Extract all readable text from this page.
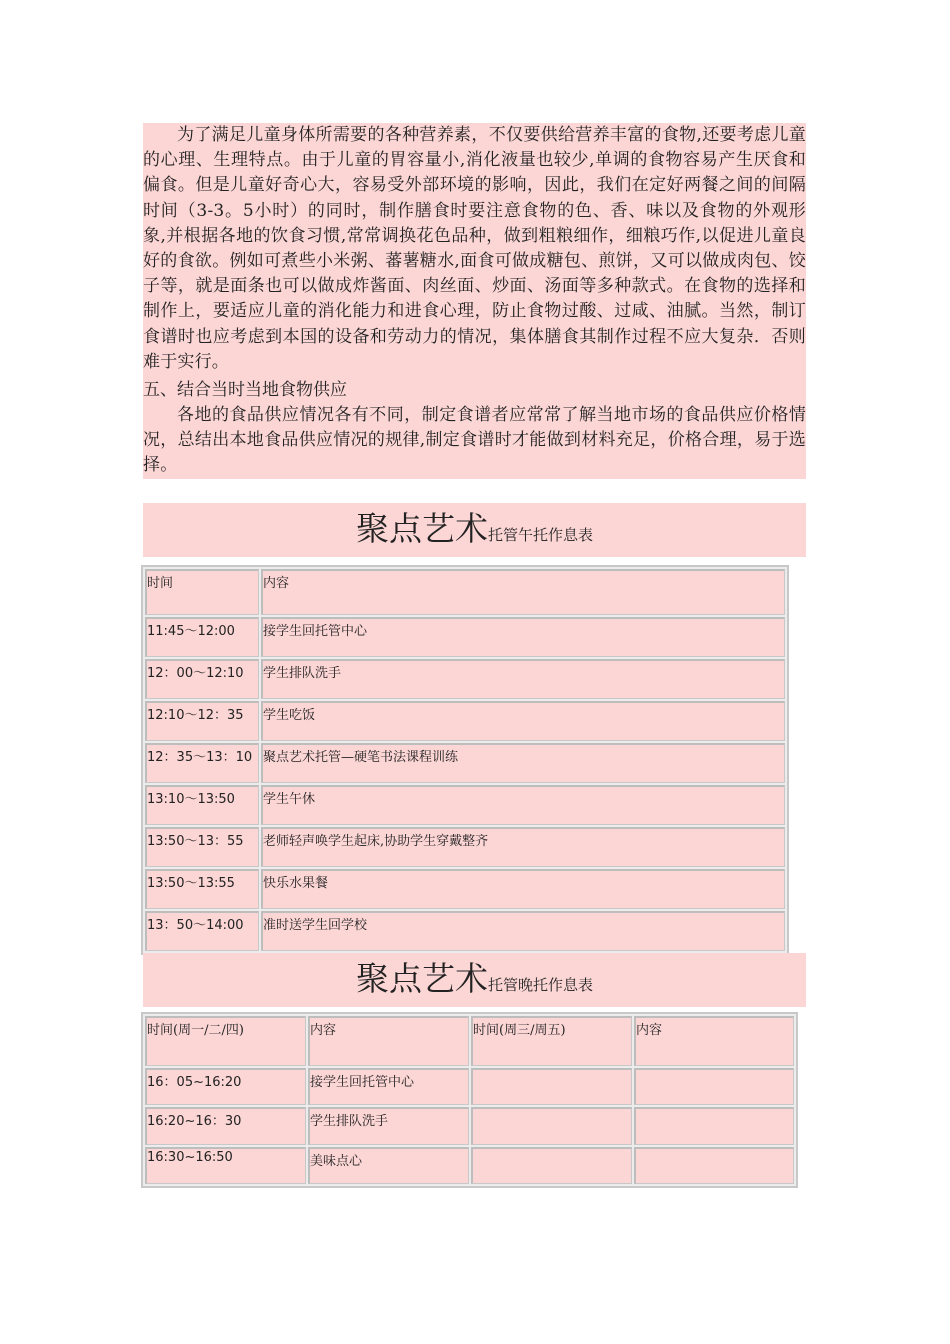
为了满足儿童身体所需要的各种营养素，不仅要供给营养丰富的食物,还要考虑儿童的心理、生理特点。由于儿童的胃容量小,消化液量也较少,单调的食物容易产生厌食和偏食。但是儿童好奇心大，容易受外部环境的影响，因此，我们在定好两餐之间的间隔时间（3-3。5小时）的同时，制作膳食时要注意食物的色、香、味以及食物的外观形象,并根据各地的饮食习惯,常常调换花色品种，做到粗粮细作，细粮巧作,以促进儿童良好的食欲。例如可煮些小米粥、蕃薯糖水,面食可做成糖包、煎饼，又可以做成肉包、饺子等，就是面条也可以做成炸酱面、肉丝面、炒面、汤面等多种款式。在食物的选择和制作上，要适应儿童的消化能力和进食心理，防止食物过酸、过咸、油腻。当然，制订食谱时也应考虑到本国的设备和劳动力的情况，集体膳食其制作过程不应大复杂．否则难于实行。

五、结合当时当地食物供应

各地的食品供应情况各有不同，制定食谱者应常常了解当地市场的食品供应价格情况，总结出本地食品供应情况的规律,制定食谱时才能做到材料充足，价格合理，易于选择。

聚点艺术托管午托作息表
时间	内容
11:45～12:00	接学生回托管中心
12：00～12:10	学生排队洗手
12:10～12：35	学生吃饭
12：35～13：10	聚点艺术托管—硬笔书法课程训练
13:10～13:50	学生午休
13:50～13：55	老师轻声唤学生起床,协助学生穿戴整齐
13:50～13:55	快乐水果餐
13：50～14:00	准时送学生回学校
聚点艺术托管晚托作息表
时间(周一/二/四)	内容	时间(周三/周五)	内容
16：05~16:20	接学生回托管中心		
16:20~16：30	学生排队洗手		
16:30~16:50	美味点心		
